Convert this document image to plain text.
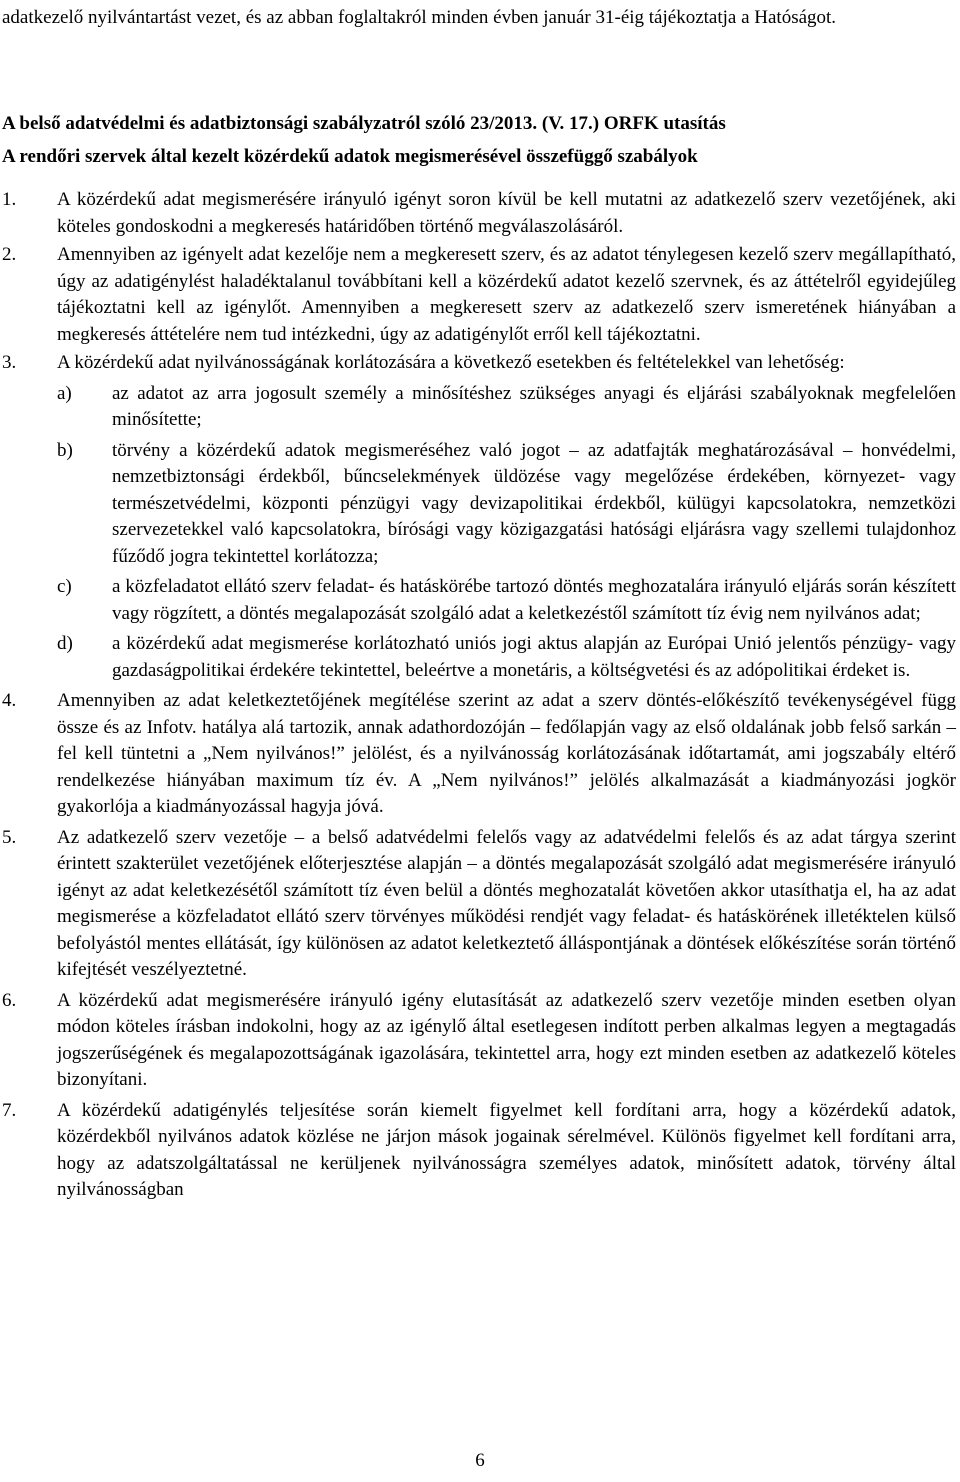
adatkezelő nyilvántartást vezet, és az abban foglaltakról minden évben január 31-éig tájékoztatja a Hatóságot.

A belső adatvédelmi és adatbiztonsági szabályzatról szóló 23/2013. (V. 17.) ORFK utasítás

A rendőri szervek által kezelt közérdekű adatok megismerésével összefüggő szabályok

1.	A közérdekű adat megismerésére irányuló igényt soron kívül be kell mutatni az adatkezelő szerv vezetőjének, aki köteles gondoskodni a megkeresés határidőben történő megválaszolásáról.
2.	Amennyiben az igényelt adat kezelője nem a megkeresett szerv, és az adatot ténylegesen kezelő szerv megállapítható, úgy az adatigénylést haladéktalanul továbbítani kell a közérdekű adatot kezelő szervnek, és az áttételről egyidejűleg tájékoztatni kell az igénylőt. Amennyiben a megkeresett szerv az adatkezelő szerv ismeretének hiányában a megkeresés áttételére nem tud intézkedni, úgy az adatigénylőt erről kell tájékoztatni.
3.	A közérdekű adat nyilvánosságának korlátozására a következő esetekben és feltételekkel van lehetőség:
a)	az adatot az arra jogosult személy a minősítéshez szükséges anyagi és eljárási szabályoknak megfelelően minősítette;
b)	törvény a közérdekű adatok megismeréséhez való jogot – az adatfajták meghatározásával – honvédelmi, nemzetbiztonsági érdekből, bűncselekmények üldözése vagy megelőzése érdekében, környezet- vagy természetvédelmi, központi pénzügyi vagy devizapolitikai érdekből, külügyi kapcsolatokra, nemzetközi szervezetekkel való kapcsolatokra, bírósági vagy közigazgatási hatósági eljárásra vagy szellemi tulajdonhoz fűződő jogra tekintettel korlátozza;
c)	a közfeladatot ellátó szerv feladat- és hatáskörébe tartozó döntés meghozatalára irányuló eljárás során készített vagy rögzített, a döntés megalapozását szolgáló adat a keletkezéstől számított tíz évig nem nyilvános adat;
d)	a közérdekű adat megismerése korlátozható uniós jogi aktus alapján az Európai Unió jelentős pénzügy- vagy gazdaságpolitikai érdekére tekintettel, beleértve a monetáris, a költségvetési és az adópolitikai érdeket is.
4.	Amennyiben az adat keletkeztetőjének megítélése szerint az adat a szerv döntés-előkészítő tevékenységével függ össze és az Infotv. hatálya alá tartozik, annak adathordozóján – fedőlapján vagy az első oldalának jobb felső sarkán – fel kell tüntetni a „Nem nyilvános!” jelölést, és a nyilvánosság korlátozásának időtartamát, ami jogszabály eltérő rendelkezése hiányában maximum tíz év. A „Nem nyilvános!” jelölés alkalmazását a kiadmányozási jogkör gyakorlója a kiadmányozással hagyja jóvá.
5.	Az adatkezelő szerv vezetője – a belső adatvédelmi felelős vagy az adatvédelmi felelős és az adat tárgya szerint érintett szakterület vezetőjének előterjesztése alapján – a döntés megalapozását szolgáló adat megismerésére irányuló igényt az adat keletkezésétől számított tíz éven belül a döntés meghozatalát követően akkor utasíthatja el, ha az adat megismerése a közfeladatot ellátó szerv törvényes működési rendjét vagy feladat- és hatáskörének illetéktelen külső befolyástól mentes ellátását, így különösen az adatot keletkeztető álláspontjának a döntések előkészítése során történő kifejtését veszélyeztetné.
6.	A közérdekű adat megismerésére irányuló igény elutasítását az adatkezelő szerv vezetője minden esetben olyan módon köteles írásban indokolni, hogy az az igénylő által esetlegesen indított perben alkalmas legyen a megtagadás jogszerűségének és megalapozottságának igazolására, tekintettel arra, hogy ezt minden esetben az adatkezelő köteles bizonyítani.
7.	A közérdekű adatigénylés teljesítése során kiemelt figyelmet kell fordítani arra, hogy a közérdekű adatok, közérdekből nyilvános adatok közlése ne járjon mások jogainak sérelmével. Különös figyelmet kell fordítani arra, hogy az adatszolgáltatással ne kerüljenek nyilvánosságra személyes adatok, minősített adatok, törvény által nyilvánosságban
6
